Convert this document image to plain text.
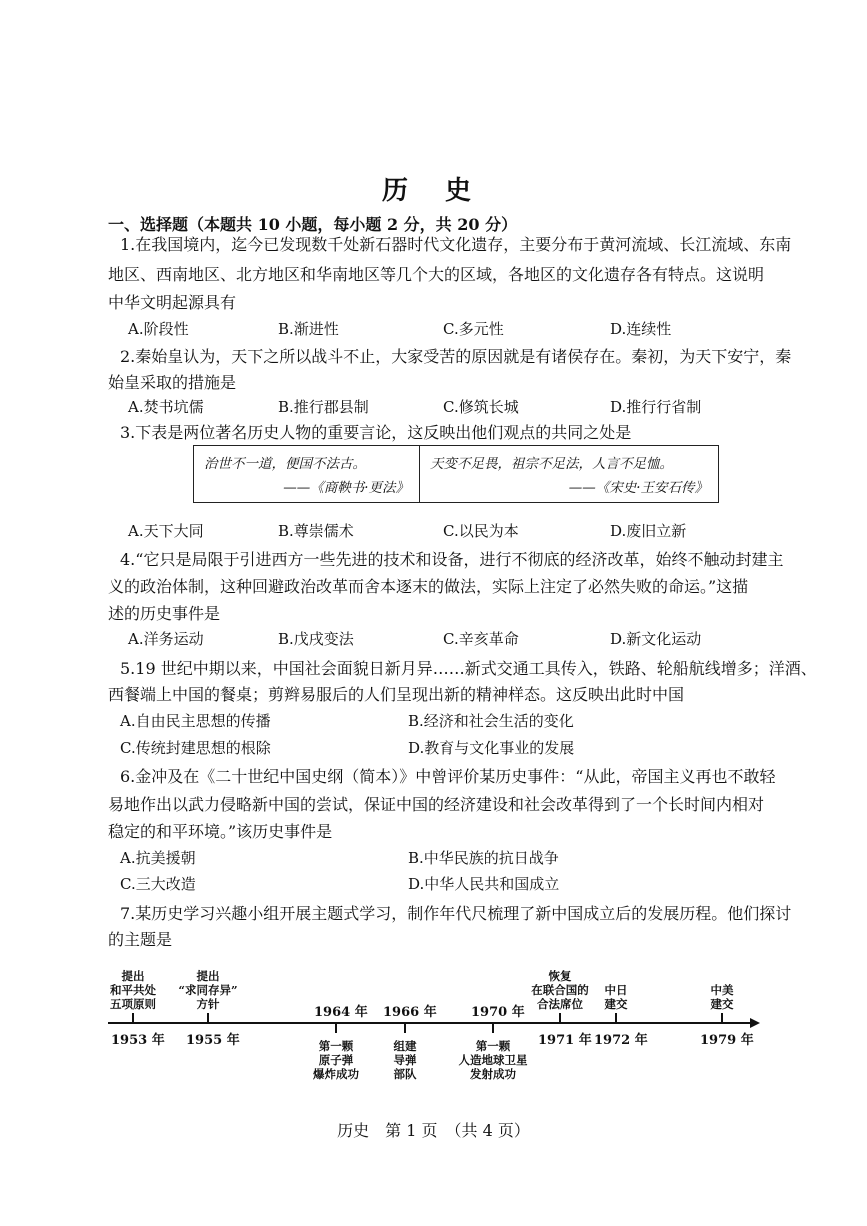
历 史
一、选择题（本题共 10 小题，每小题 2 分，共 20 分）
1.在我国境内，迄今已发现数千处新石器时代文化遗存，主要分布于黄河流域、长江流域、东南
地区、西南地区、北方地区和华南地区等几个大的区域，各地区的文化遗存各有特点。这说明
中华文明起源具有
A.阶段性	B.渐进性	C.多元性	D.连续性
2.秦始皇认为，天下之所以战斗不止，大家受苦的原因就是有诸侯存在。秦初，为天下安宁，秦
始皇采取的措施是
A.焚书坑儒	B.推行郡县制	C.修筑长城	D.推行行省制
3.下表是两位著名历史人物的重要言论，这反映出他们观点的共同之处是
治世不一道，便国不法古。
——《商鞅书·更法》
	天变不足畏，祖宗不足法，人言不足恤。
——《宋史·王安石传》
A.天下大同	B.尊崇儒术	C.以民为本	D.废旧立新
4.“它只是局限于引进西方一些先进的技术和设备，进行不彻底的经济改革，始终不触动封建主
义的政治体制，这种回避政治改革而舍本逐末的做法，实际上注定了必然失败的命运。”这描
述的历史事件是
A.洋务运动	B.戊戌变法	C.辛亥革命	D.新文化运动
5.19 世纪中期以来，中国社会面貌日新月异……新式交通工具传入，铁路、轮船航线增多；洋酒、
西餐端上中国的餐桌；剪辫易服后的人们呈现出新的精神样态。这反映出此时中国
A.自由民主思想的传播	B.经济和社会生活的变化
C.传统封建思想的根除	D.教育与文化事业的发展
6.金冲及在《二十世纪中国史纲（简本）》中曾评价某历史事件：“从此，帝国主义再也不敢轻
易地作出以武力侵略新中国的尝试，保证中国的经济建设和社会改革得到了一个长时间内相对
稳定的和平环境。”该历史事件是
A.抗美援朝	B.中华民族的抗日战争
C.三大改造	D.中华人民共和国成立
7.某历史学习兴趣小组开展主题式学习，制作年代尺梳理了新中国成立后的发展历程。他们探讨
的主题是
1953 年
提出
和平共处
五项原则
1955 年
提出
“求同存异”
方针
1964 年
第一颗
原子弹
爆炸成功
1966 年
组建
导弹
部队
1970 年
第一颗
人造地球卫星
发射成功
1971 年
恢复
在联合国的
合法席位
1972 年
中日
建交
1979 年
中美
建交
历史　第 1 页　（共 4 页）
